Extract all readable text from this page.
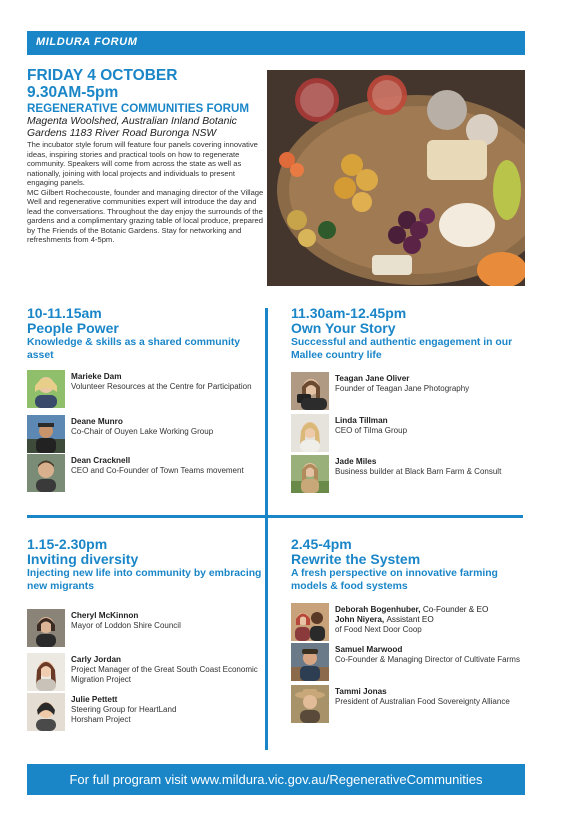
MILDURA FORUM
FRIDAY 4 OCTOBER
9.30AM-5pm
REGENERATIVE COMMUNITIES FORUM
Magenta Woolshed, Australian Inland Botanic Gardens 1183 River Road Buronga NSW
The incubator style forum will feature four panels covering innovative ideas, inspiring stories and practical tools on how to regenerate community. Speakers will come from across the state as well as nationally, joining with local projects and individuals to present engaging panels.
MC Gilbert Rochecouste, founder and managing director of the Village Well and regenerative communities expert will introduce the day and lead the conversations. Throughout the day enjoy the surrounds of the gardens and a complimentary grazing table of local produce, prepared by The Friends of the Botanic Gardens. Stay for networking and refreshments from 4-5pm.
10-11.15am
People Power
Knowledge & skills as a shared community asset
Marieke Dam
Volunteer Resources at the Centre for Participation
Deane Munro
Co-Chair of Ouyen Lake Working Group
Dean Cracknell
CEO and Co-Founder of Town Teams movement
11.30am-12.45pm
Own Your Story
Successful and authentic engagement in our Mallee country life
Teagan Jane Oliver
Founder of Teagan Jane Photography
Linda Tillman
CEO of Tilma Group
Jade Miles
Business builder at Black Barn Farm & Consult
1.15-2.30pm
Inviting diversity
Injecting new life into community by embracing new migrants
Cheryl McKinnon
Mayor of Loddon Shire Council
Carly Jordan
Project Manager of the Great South Coast Economic Migration Project
Julie Pettett
Steering Group for HeartLand Horsham Project
2.45-4pm
Rewrite the System
A fresh perspective on innovative farming models & food systems
Deborah Bogenhuber, Co-Founder & EO
John Niyera, Assistant EO
of Food Next Door Coop
Samuel Marwood
Co-Founder & Managing Director of Cultivate Farms
Tammi Jonas
President of Australian Food Sovereignty Alliance
For full program visit www.mildura.vic.gov.au/RegenerativeCommunities
